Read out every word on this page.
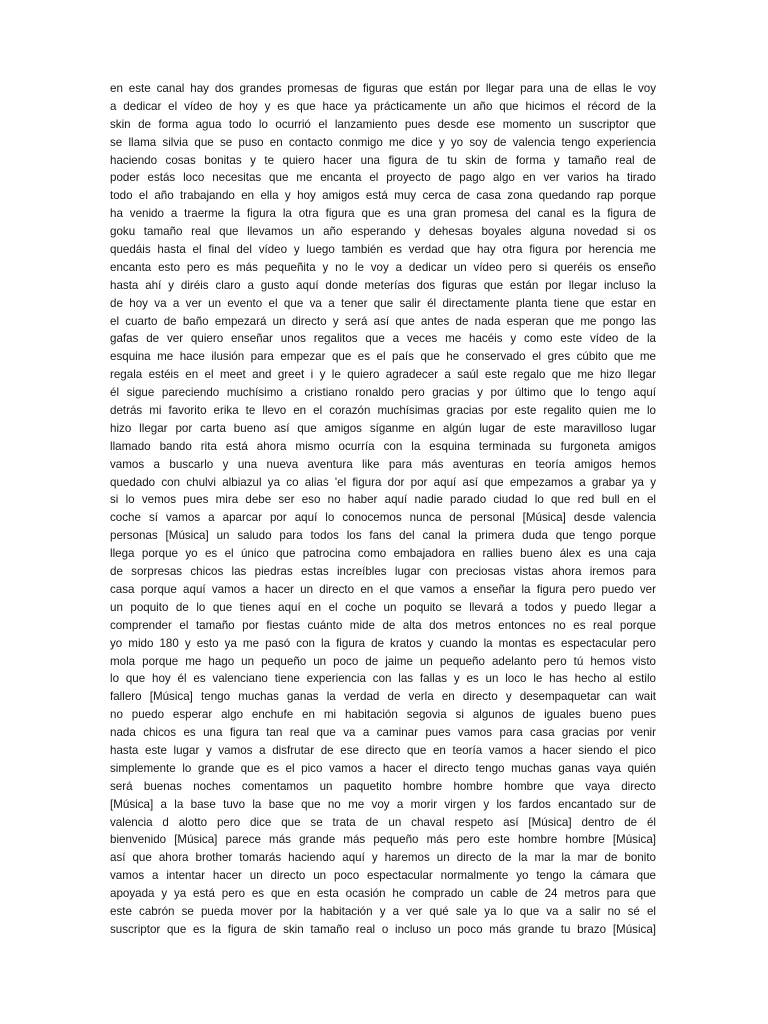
en este canal hay dos grandes promesas de figuras que están por llegar para una de ellas le voy
a dedicar el vídeo de hoy y es que hace ya prácticamente un año que hicimos el récord de la
skin de forma agua todo lo ocurrió el lanzamiento pues desde ese momento un suscriptor que
se llama silvia que se puso en contacto conmigo me dice y yo soy de valencia tengo experiencia
haciendo cosas bonitas y te quiero hacer una figura de tu skin de forma y tamaño real de
poder estás loco necesitas que me encanta el proyecto de pago algo en ver varios ha tirado
todo el año trabajando en ella y hoy amigos está muy cerca de casa zona quedando rap porque
ha venido a traerme la figura la otra figura que es una gran promesa del canal es la figura de
goku tamaño real que llevamos un año esperando y dehesas boyales alguna novedad si os
quedáis hasta el final del vídeo y luego también es verdad que hay otra figura por herencia me
encanta esto pero es más pequeñita y no le voy a dedicar un vídeo pero si queréis os enseño
hasta ahí y diréis claro a gusto aquí donde meterías dos figuras que están por llegar incluso la
de hoy va a ver un evento el que va a tener que salir él directamente planta tiene que estar en
el cuarto de baño empezará un directo y será así que antes de nada esperan que me pongo las
gafas de ver quiero enseñar unos regalitos que a veces me hacéis y como este vídeo de la
esquina me hace ilusión para empezar que es el país que he conservado el gres cúbito que me
regala estéis en el meet and greet i y le quiero agradecer a saúl este regalo que me hizo llegar
él sigue pareciendo muchísimo a cristiano ronaldo pero gracias y por último que lo tengo aquí
detrás mi favorito erika te llevo en el corazón muchísimas gracias por este regalito quien me lo
hizo llegar por carta bueno así que amigos síganme en algún lugar de este maravilloso lugar
llamado bando rita está ahora mismo ocurría con la esquina terminada su furgoneta amigos
vamos a buscarlo y una nueva aventura like para más aventuras en teoría amigos hemos
quedado con chulvi albiazul ya co alias 'el figura dor por aquí así que empezamos a grabar ya y
si lo vemos pues mira debe ser eso no haber aquí nadie parado ciudad lo que red bull en el
coche sí vamos a aparcar por aquí lo conocemos nunca de personal [Música] desde valencia
personas [Música] un saludo para todos los fans del canal la primera duda que tengo porque
llega porque yo es el único que patrocina como embajadora en rallies bueno álex es una caja
de sorpresas chicos las piedras estas increíbles lugar con preciosas vistas ahora iremos para
casa porque aquí vamos a hacer un directo en el que vamos a enseñar la figura pero puedo ver
un poquito de lo que tienes aquí en el coche un poquito se llevará a todos y puedo llegar a
comprender el tamaño por fiestas cuánto mide de alta dos metros entonces no es real porque
yo mido 180 y esto ya me pasó con la figura de kratos y cuando la montas es espectacular pero
mola porque me hago un pequeño un poco de jaime un pequeño adelanto pero tú hemos visto
lo que hoy él es valenciano tiene experiencia con las fallas y es un loco le has hecho al estilo
fallero [Música] tengo muchas ganas la verdad de verla en directo y desempaquetar can wait
no puedo esperar algo enchufe en mi habitación segovia si algunos de iguales bueno pues
nada chicos es una figura tan real que va a caminar pues vamos para casa gracias por venir
hasta este lugar y vamos a disfrutar de ese directo que en teoría vamos a hacer siendo el pico
simplemente lo grande que es el pico vamos a hacer el directo tengo muchas ganas vaya quién
será buenas noches comentamos un paquetito hombre hombre hombre que vaya directo
[Música] a la base tuvo la base que no me voy a morir virgen y los fardos encantado sur de
valencia d alotto pero dice que se trata de un chaval respeto así [Música] dentro de él
bienvenido [Música] parece más grande más pequeño más pero este hombre hombre [Música]
así que ahora brother tomarás haciendo aquí y haremos un directo de la mar la mar de bonito
vamos a intentar hacer un directo un poco espectacular normalmente yo tengo la cámara que
apoyada y ya está pero es que en esta ocasión he comprado un cable de 24 metros para que
este cabrón se pueda mover por la habitación y a ver qué sale ya lo que va a salir no sé el
suscriptor que es la figura de skin tamaño real o incluso un poco más grande tu brazo [Música]
